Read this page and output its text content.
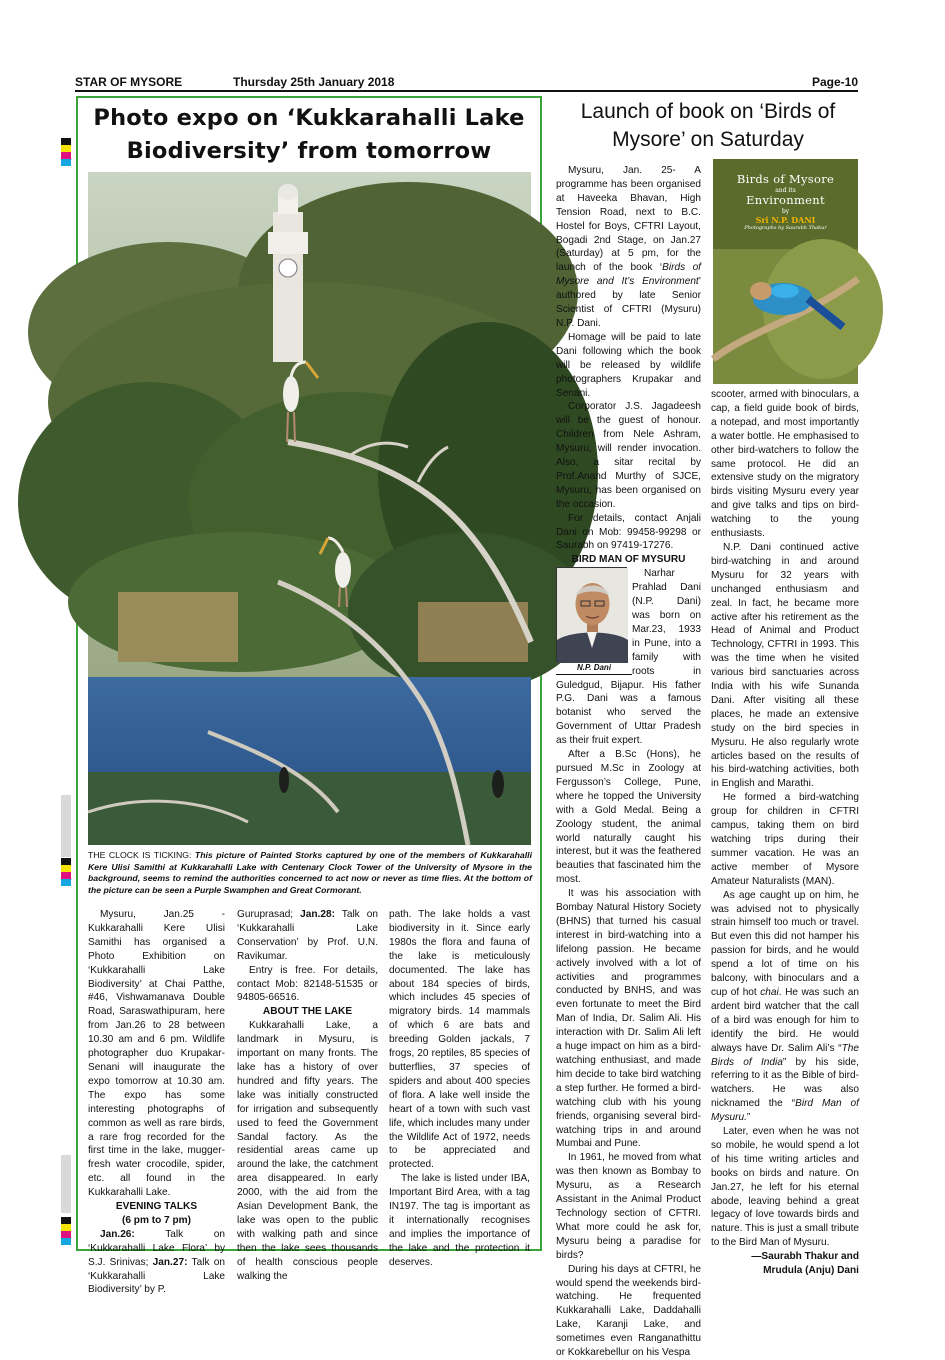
STAR OF MYSORE	Thursday 25th January 2018	Page-10
Photo expo on ‘Kukkarahalli Lake Biodiversity’ from tomorrow
THE CLOCK IS TICKING: This picture of Painted Storks captured by one of the members of Kukkarahalli Kere Ulisi Samithi at Kukkarahalli Lake with Centenary Clock Tower of the University of Mysore in the background, seems to remind the authorities concerned to act now or never as time flies. At the bottom of the picture can be seen a Purple Swamphen and Great Cormorant.

Mysuru, Jan.25 - Kukkarahalli Kere Ulisi Samithi has organised a Photo Exhibition on ‘Kukkarahalli Lake Biodiversity’ at Chai Patthe, #46, Vishwamanava Double Road, Saraswathipuram, here from Jan.26 to 28 between 10.30 am and 6 pm. Wildlife photographer duo Krupakar-Senani will inaugurate the expo tomorrow at 10.30 am. The expo has some interesting photographs of common as well as rare birds, a rare frog recorded for the first time in the lake, mugger-fresh water crocodile, spider, etc. all found in the Kukkarahalli Lake.

EVENING TALKS

(6 pm to 7 pm)

Jan.26: Talk on ‘Kukkarahalli Lake Flora’ by S.J. Srinivas; Jan.27: Talk on ‘Kukkarahalli Lake Biodiversity’ by P.

Guruprasad; Jan.28: Talk on ‘Kukkarahalli Lake Conservation’ by Prof. U.N. Ravikumar.

Entry is free. For details, contact Mob: 82148-51535 or 94805-66516.

ABOUT THE LAKE

Kukkarahalli Lake, a landmark in Mysuru, is important on many fronts. The lake has a history of over hundred and fifty years. The lake was initially constructed for irrigation and subsequently used to feed the Government Sandal factory. As the residential areas came up around the lake, the catchment area disappeared. In early 2000, with the aid from the Asian Development Bank, the lake was open to the public with walking path and since then the lake sees thousands of health conscious people walking the

path. The lake holds a vast biodiversity in it. Since early 1980s the flora and fauna of the lake is meticulously documented. The lake has about 184 species of birds, which includes 45 species of migratory birds. 14 mammals of which 6 are bats and breeding Golden jackals, 7 frogs, 20 reptiles, 85 species of butterflies, 37 species of spiders and about 400 species of flora. A lake well inside the heart of a town with such vast life, which includes many under the Wildlife Act of 1972, needs to be appreciated and protected.

The lake is listed under IBA, Important Bird Area, with a tag IN197. The tag is important as it internationally recognises and implies the importance of the lake and the protection it deserves.

Launch of book on ‘Birds of Mysore’ on Saturday
Birds of Mysore
and its
Environment
by
Sri N.P. DANI
Photographs by Saurabh Thakur

Mysuru, Jan. 25- A programme has been organised at Haveeka Bhavan, High Tension Road, next to B.C. Hostel for Boys, CFTRI Layout, Bogadi 2nd Stage, on Jan.27 (Saturday) at 5 pm, for the launch of the book ‘Birds of Mysore and It’s Environment’ authored by late Senior Scientist of CFTRI (Mysuru) N.P. Dani.

Homage will be paid to late Dani following which the book will be released by wildlife photographers Krupakar and Senani.

Corporator J.S. Jagadeesh will be the guest of honour. Children from Nele Ashram, Mysuru, will render invocation. Also, a sitar recital by Prof.Anand Murthy of SJCE, Mysuru, has been organised on the occasion.

For details, contact Anjali Dani on Mob: 99458-99298 or Saurabh on 97419-17276.

BIRD MAN OF MYSURU

N.P. Dani

Narhar Prahlad Dani (N.P. Dani) was born on Mar.23, 1933 in Pune, into a family with roots in Guledgud, Bijapur. His father P.G. Dani was a famous botanist who served the Government of Uttar Pradesh as their fruit expert.

After a B.Sc (Hons), he pursued M.Sc in Zoology at Fergusson’s College, Pune, where he topped the University with a Gold Medal. Being a Zoology student, the animal world naturally caught his interest, but it was the feathered beauties that fascinated him the most.

It was his association with Bombay Natural History Society (BHNS) that turned his casual interest in bird-watching into a lifelong passion. He became actively involved with a lot of activities and programmes conducted by BNHS, and was even fortunate to meet the Bird Man of India, Dr. Salim Ali. His interaction with Dr. Salim Ali left a huge impact on him as a bird-watching enthusiast, and made him decide to take bird watching a step further. He formed a bird-watching club with his young friends, organising several bird-watching trips in and around Mumbai and Pune.

In 1961, he moved from what was then known as Bombay to Mysuru, as a Research Assistant in the Animal Product Technology section of CFTRI. What more could he ask for, Mysuru being a paradise for birds?

During his days at CFTRI, he would spend the weekends bird-watching. He frequented Kukkarahalli Lake, Daddahalli Lake, Karanji Lake, and sometimes even Ranganathittu or Kokkarebellur on his Vespa

scooter, armed with binoculars, a cap, a field guide book of birds, a notepad, and most importantly a water bottle. He emphasised to other bird-watchers to follow the same protocol. He did an extensive study on the migratory birds visiting Mysuru every year and give talks and tips on bird-watching to the young enthusiasts.

N.P. Dani continued active bird-watching in and around Mysuru for 32 years with unchanged enthusiasm and zeal. In fact, he became more active after his retirement as the Head of Animal and Product Technology, CFTRI in 1993. This was the time when he visited various bird sanctuaries across India with his wife Sunanda Dani. After visiting all these places, he made an extensive study on the bird species in Mysuru. He also regularly wrote articles based on the results of his bird-watching activities, both in English and Marathi.

He formed a bird-watching group for children in CFTRI campus, taking them on bird watching trips during their summer vacation. He was an active member of Mysore Amateur Naturalists (MAN).

As age caught up on him, he was advised not to physically strain himself too much or travel. But even this did not hamper his passion for birds, and he would spend a lot of time on his balcony, with binoculars and a cup of hot chai. He was such an ardent bird watcher that the call of a bird was enough for him to identify the bird. He would always have Dr. Salim Ali’s “The Birds of India” by his side, referring to it as the Bible of bird-watchers. He was also nicknamed the “Bird Man of Mysuru.”

Later, even when he was not so mobile, he would spend a lot of his time writing articles and books on birds and nature. On Jan.27, he left for his eternal abode, leaving behind a great legacy of love towards birds and nature. This is just a small tribute to the Bird Man of Mysuru.

—Saurabh Thakur and

Mrudula (Anju) Dani
